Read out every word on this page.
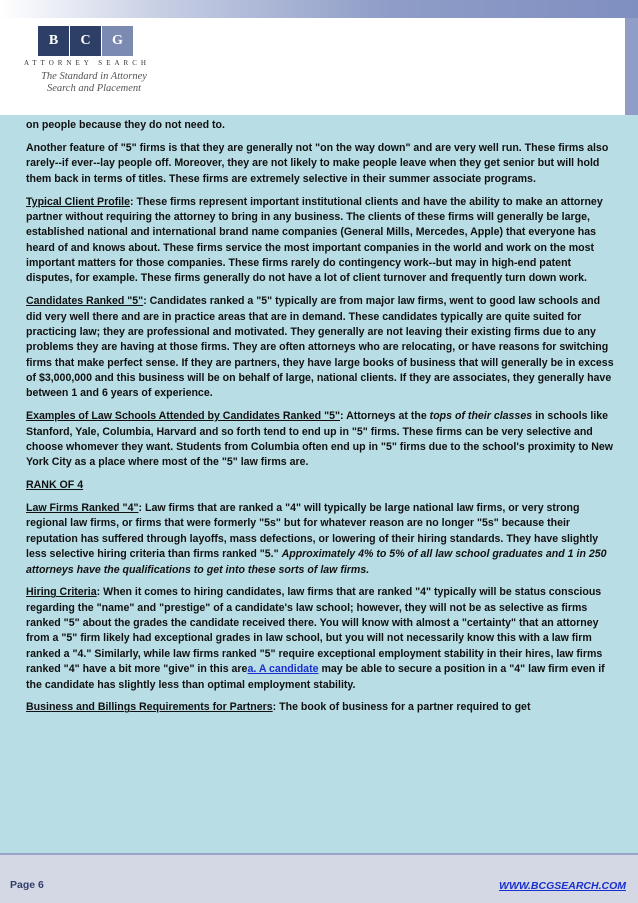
B	C	G
ATTORNEY SEARCH
The Standard in Attorney
Search and Placement

on people because they do not need to.

Another feature of "5" firms is that they are generally not "on the way down" and are very well run. These firms also rarely--if ever--lay people off. Moreover, they are not likely to make people leave when they get senior but will hold them back in terms of titles. These firms are extremely selective in their summer associate programs.

Typical Client Profile: These firms represent important institutional clients and have the ability to make an attorney partner without requiring the attorney to bring in any business. The clients of these firms will generally be large, established national and international brand name companies (General Mills, Mercedes, Apple) that everyone has heard of and knows about. These firms service the most important companies in the world and work on the most important matters for those companies. These firms rarely do contingency work--but may in high-end patent disputes, for example. These firms generally do not have a lot of client turnover and frequently turn down work.

Candidates Ranked "5": Candidates ranked a "5" typically are from major law firms, went to good law schools and did very well there and are in practice areas that are in demand. These candidates typically are quite suited for practicing law; they are professional and motivated. They generally are not leaving their existing firms due to any problems they are having at those firms. They are often attorneys who are relocating, or have reasons for switching firms that make perfect sense. If they are partners, they have large books of business that will generally be in excess of $3,000,000 and this business will be on behalf of large, national clients. If they are associates, they generally have between 1 and 6 years of experience.

Examples of Law Schools Attended by Candidates Ranked "5": Attorneys at the tops of their classes in schools like Stanford, Yale, Columbia, Harvard and so forth tend to end up in "5" firms. These firms can be very selective and choose whomever they want. Students from Columbia often end up in "5" firms due to the school's proximity to New York City as a place where most of the "5" law firms are.

RANK OF 4

Law Firms Ranked "4": Law firms that are ranked a "4" will typically be large national law firms, or very strong regional law firms, or firms that were formerly "5s" but for whatever reason are no longer "5s" because their reputation has suffered through layoffs, mass defections, or lowering of their hiring standards. They have slightly less selective hiring criteria than firms ranked "5." Approximately 4% to 5% of all law school graduates and 1 in 250 attorneys have the qualifications to get into these sorts of law firms.

Hiring Criteria: When it comes to hiring candidates, law firms that are ranked "4" typically will be status conscious regarding the "name" and "prestige" of a candidate's law school; however, they will not be as selective as firms ranked "5" about the grades the candidate received there. You will know with almost a "certainty" that an attorney from a "5" firm likely had exceptional grades in law school, but you will not necessarily know this with a law firm ranked a "4." Similarly, while law firms ranked "5" require exceptional employment stability in their hires, law firms ranked "4" have a bit more "give" in this area. A candidate may be able to secure a position in a "4" law firm even if the candidate has slightly less than optimal employment stability.

Business and Billings Requirements for Partners: The book of business for a partner required to get

Page 6	WWW.BCGSEARCH.COM
